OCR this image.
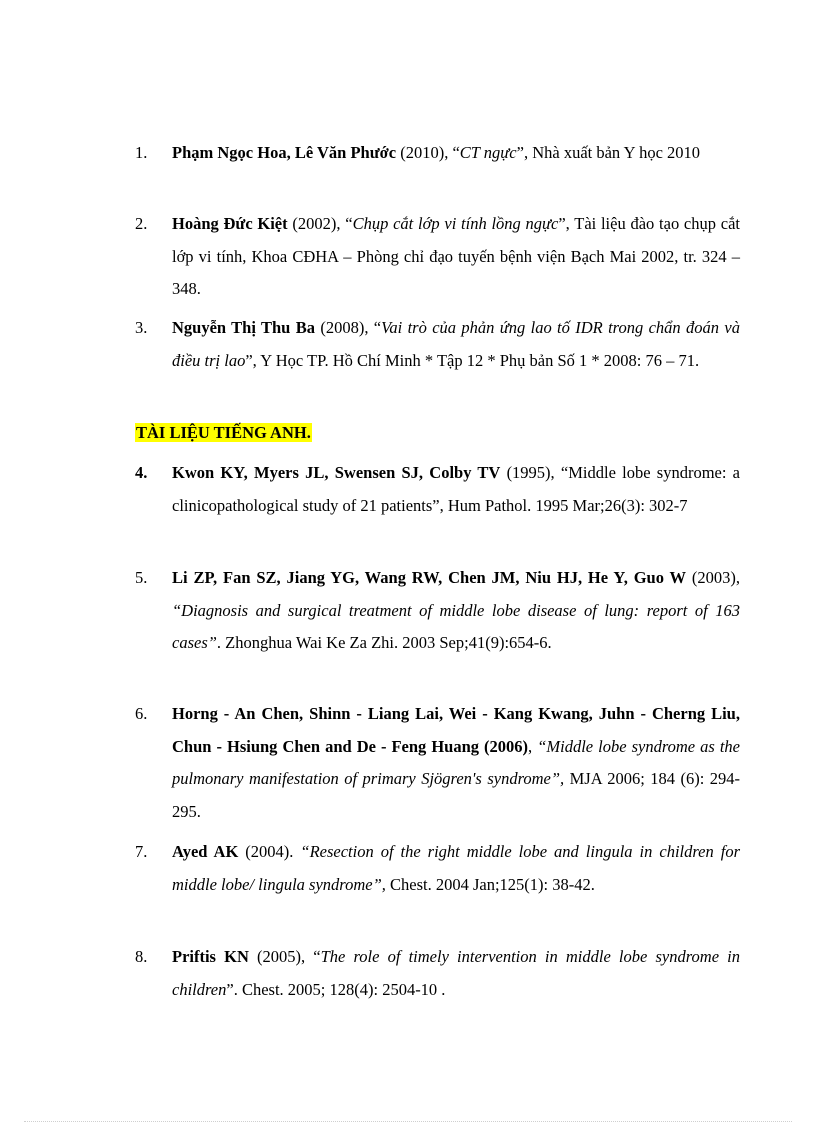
1.	Phạm Ngọc Hoa, Lê Văn Phước (2010), “CT ngực”, Nhà xuất bản Y học 2010
2.	Hoàng Đức Kiệt (2002), “Chụp cắt lớp vi tính lồng ngực”, Tài liệu đào tạo chụp cắt lớp vi tính, Khoa CĐHA – Phòng chỉ đạo tuyến bệnh viện Bạch Mai 2002, tr. 324 – 348.
3.	Nguyễn Thị Thu Ba (2008), “Vai trò của phản ứng lao tố IDR trong chẩn đoán và điều trị lao”, Y Học TP. Hồ Chí Minh * Tập 12 * Phụ bản Số 1 * 2008: 76 – 71.
TÀI LIỆU TIẾNG ANH.
4.	Kwon KY, Myers JL, Swensen SJ, Colby TV (1995), “Middle lobe syndrome: a clinicopathological study of 21 patients”, Hum Pathol. 1995 Mar;26(3): 302-7
5.	Li ZP, Fan SZ, Jiang YG, Wang RW, Chen JM, Niu HJ, He Y, Guo W (2003), “Diagnosis and surgical treatment of middle lobe disease of lung: report of 163 cases”. Zhonghua Wai Ke Za Zhi. 2003 Sep;41(9):654-6.
6.	Horng - An Chen, Shinn - Liang Lai, Wei - Kang Kwang, Juhn - Cherng Liu, Chun - Hsiung Chen and De - Feng Huang (2006), “Middle lobe syndrome as the pulmonary manifestation of primary Sjögren's syndrome”, MJA 2006; 184 (6): 294-295.
7.	Ayed AK (2004). “Resection of the right middle lobe and lingula in children for middle lobe/ lingula syndrome”, Chest. 2004 Jan;125(1): 38-42.
8.	Priftis KN (2005), “The role of timely intervention in middle lobe syndrome in children”. Chest. 2005; 128(4): 2504-10 .
